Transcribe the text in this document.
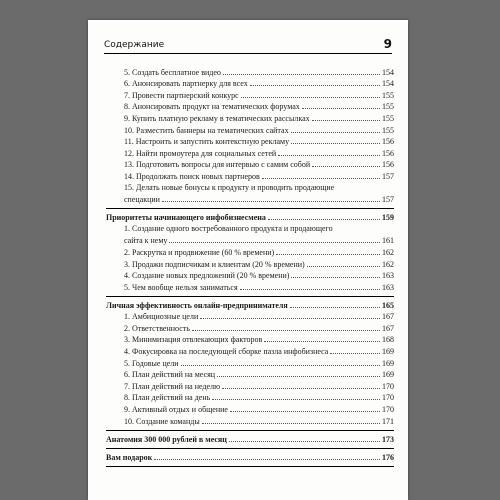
Содержание	9
5. Создать бесплатное видео	154
6. Анонсировать партнерку для всех	154
7. Провести партнерский конкурс	155
8. Анонсировать продукт на тематических форумах	155
9. Купить платную рекламу в тематических рассылках	155
10. Разместить баннеры на тематических сайтах	155
11. Настроить и запустить контекстную рекламу	156
12. Найти промоутера для социальных сетей	156
13. Подготовить вопросы для интервью с самим собой	156
14. Продолжать поиск новых партнеров	157
15. Делать новые бонусы к продукту и проводить продающие
спецакции	157
Приоритеты начинающего инфобизнесмена	159
1. Создание одного востребованного продукта и продающего
сайта к нему	161
2. Раскрутка и продвижение (60 % времени)	162
3. Продажи подписчикам и клиентам (20 % времени)	162
4. Создание новых предложений (20 % времени)	163
5. Чем вообще нельзя заниматься	163
Личная эффективность онлайн-предпринимателя	165
1. Амбициозные цели	167
2. Ответственность	167
3. Минимизация отвлекающих факторов	168
4. Фокусировка на последующей сборке пазла инфобизнеса	169
5. Годовые цели	169
6. План действий на месяц	169
7. План действий на неделю	170
8. План действий на день	170
9. Активный отдых и общение	170
10. Создание команды	171
Анатомия 300 000 рублей в месяц	173
Вам подарок	176
